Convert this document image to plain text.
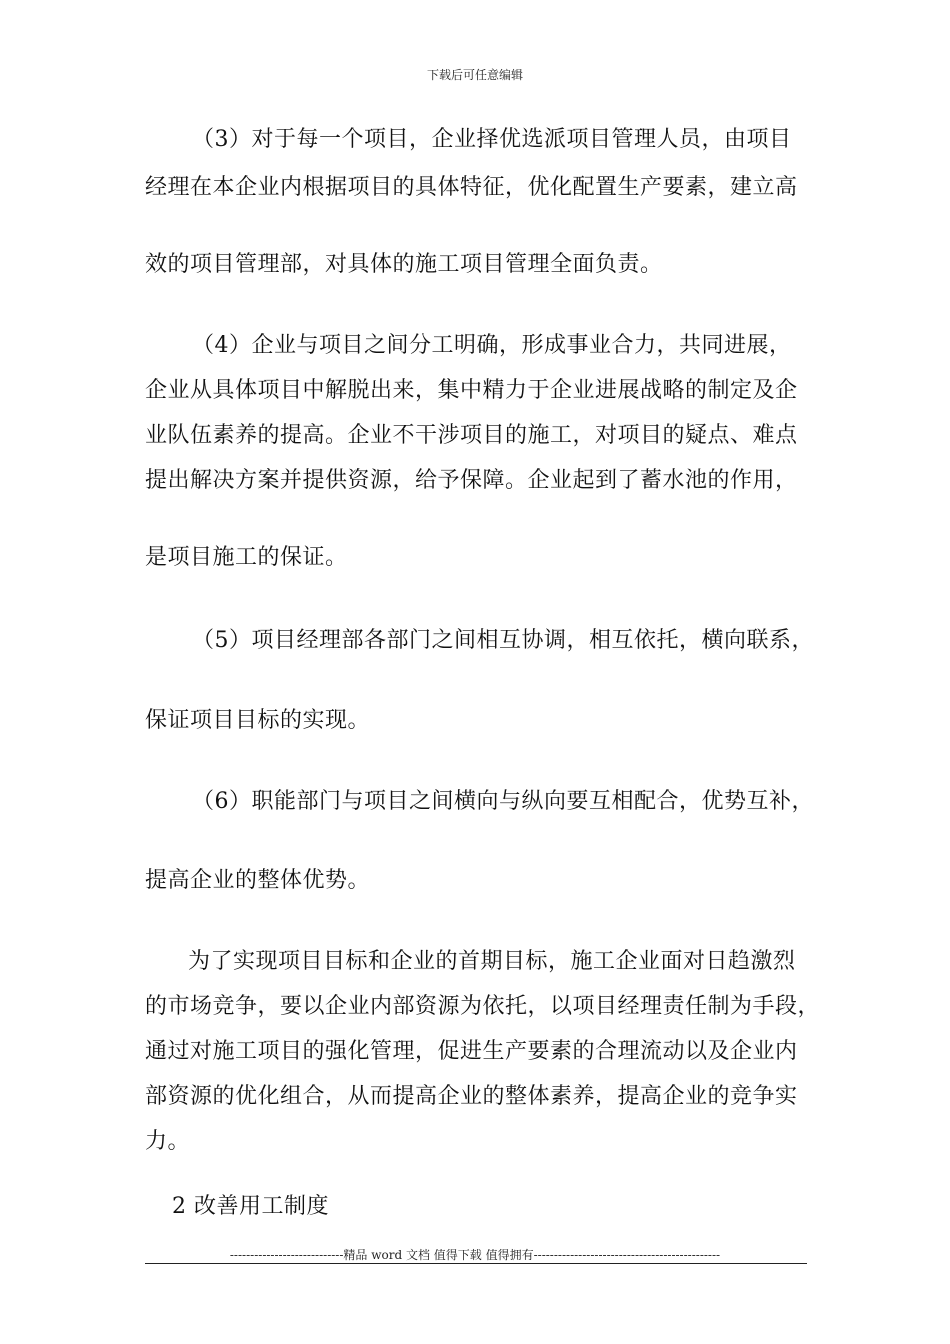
下载后可任意编辑
（3）对于每一个项目，企业择优选派项目管理人员，由项目
经理在本企业内根据项目的具体特征，优化配置生产要素，建立高
效的项目管理部，对具体的施工项目管理全面负责。
（4）企业与项目之间分工明确，形成事业合力，共同进展，
企业从具体项目中解脱出来，集中精力于企业进展战略的制定及企
业队伍素养的提高。企业不干涉项目的施工，对项目的疑点、难点
提出解决方案并提供资源，给予保障。企业起到了蓄水池的作用，
是项目施工的保证。
（5）项目经理部各部门之间相互协调，相互依托，横向联系，
保证项目目标的实现。
（6）职能部门与项目之间横向与纵向要互相配合，优势互补，
提高企业的整体优势。
为了实现项目目标和企业的首期目标，施工企业面对日趋激烈
的市场竞争，要以企业内部资源为依托，以项目经理责任制为手段，
通过对施工项目的强化管理，促进生产要素的合理流动以及企业内
部资源的优化组合，从而提高企业的整体素养，提高企业的竞争实
力。
2 改善用工制度
----------------------------精品 word 文档 值得下载 值得拥有----------------------------------------------
